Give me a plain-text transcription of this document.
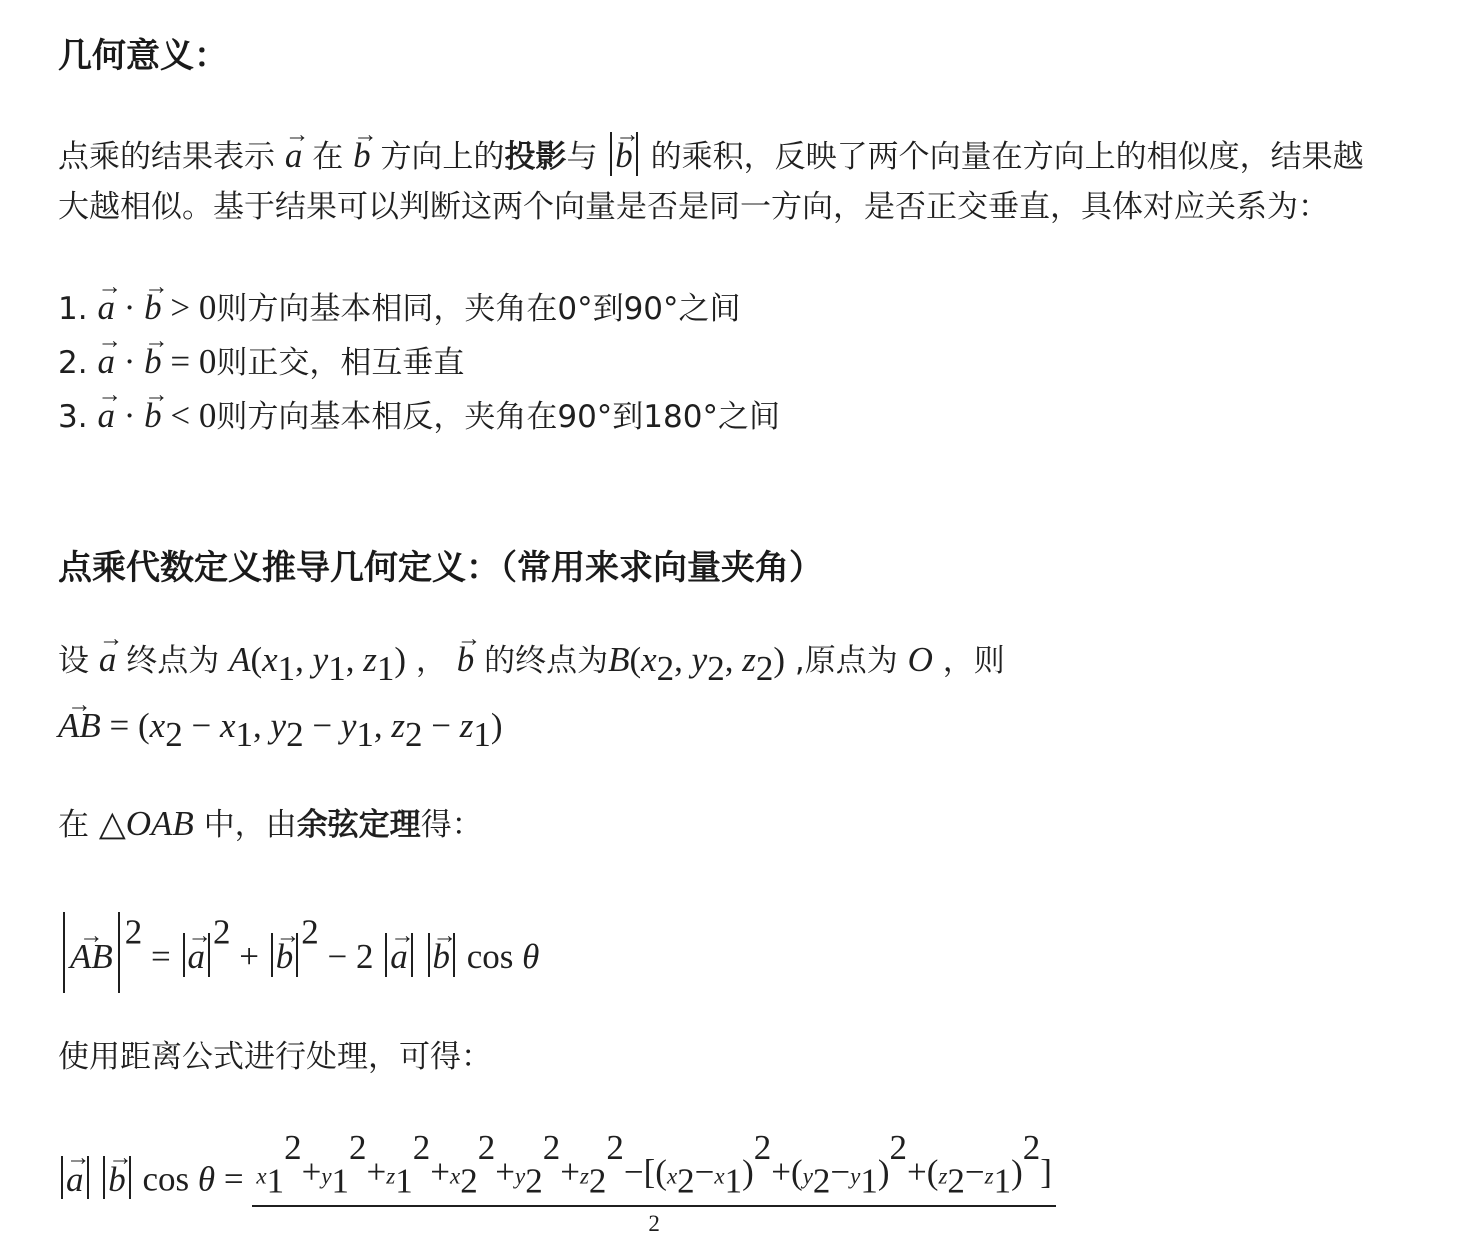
几何意义：
点乘的结果表示 → a 在 → b 方向上的投影与 → b 的乘积，反映了两个向量在方向上的相似度，结果越
大越相似。基于结果可以判断这两个向量是否是同一方向，是否正交垂直，具体对应关系为：
1. → a · → b > 0则方向基本相同，夹角在0°到90°之间
2. → a · → b = 0则正交，相互垂直
3. → a · → b < 0则方向基本相反，夹角在90°到180°之间
点乘代数定义推导几何定义：（常用来求向量夹角）
设 → a 终点为 $A(x_1$, $y_1$, $z_1$) ， → b 的终点为$B(x_2$, $y_2$, $z_2$) ,原点为 O ，则
→ AB = ($x_2 - x_1$, $y_2 - y_1$, $z_2 - z_1$)
在 △OAB 中，由余弦定理得：
→ $AB^2$ = → $a^2$ + → $b^2 - 2 \to a \to b$ cos θ
使用距离公式进行处理，可得：
→ a → b $\cos \theta = \frac{x_1^2+y_1^2+z_1^2+x_2^2+y_2^2+z_2^2-[(x_2-x_1)^2+(y_2-y_1)^2+(z_2-z_1)^2]}{2}$
